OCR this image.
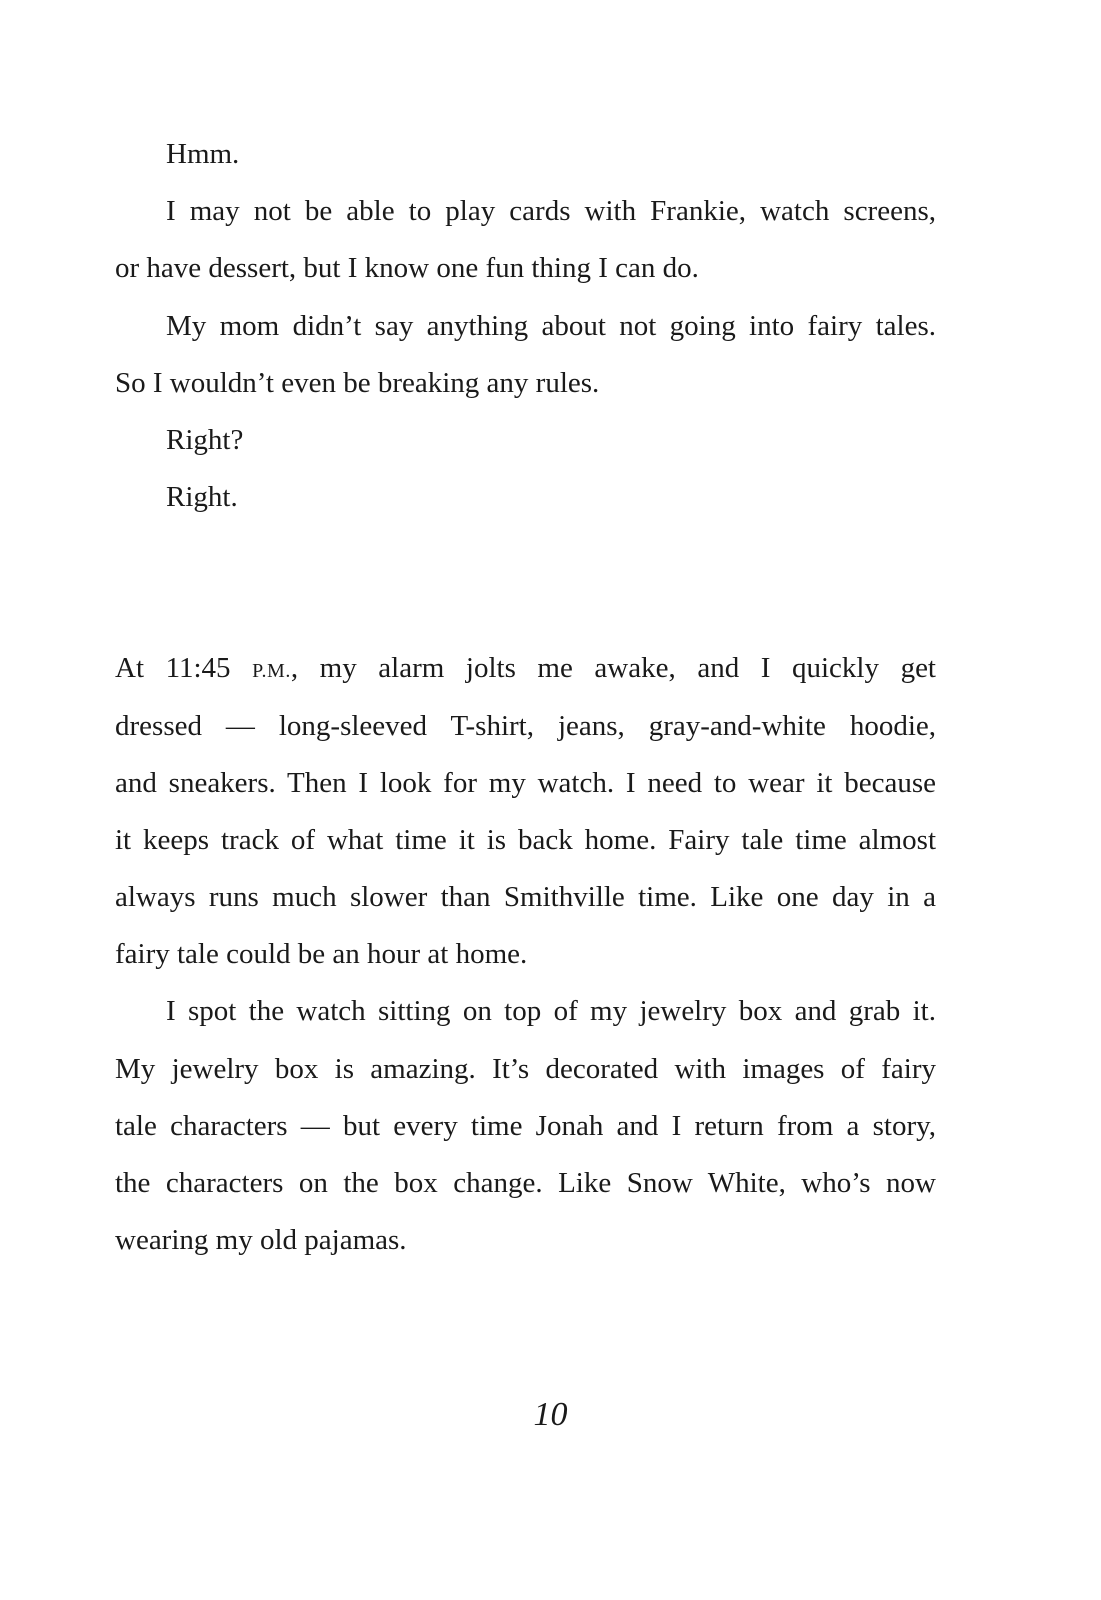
Hmm.
I may not be able to play cards with Frankie, watch screens,
or have dessert, but I know one fun thing I can do.
My mom didn’t say anything about not going into fairy tales.
So I wouldn’t even be breaking any rules.
Right?
Right.
At 11:45 P.M., my alarm jolts me awake, and I quickly get
dressed — long-sleeved T-shirt, jeans, gray-and-white hoodie,
and sneakers. Then I look for my watch. I need to wear it because
it keeps track of what time it is back home. Fairy tale time almost
always runs much slower than Smithville time. Like one day in a
fairy tale could be an hour at home.
I spot the watch sitting on top of my jewelry box and grab it.
My jewelry box is amazing. It’s decorated with images of fairy
tale characters — but every time Jonah and I return from a story,
the characters on the box change. Like Snow White, who’s now
wearing my old pajamas.
10
